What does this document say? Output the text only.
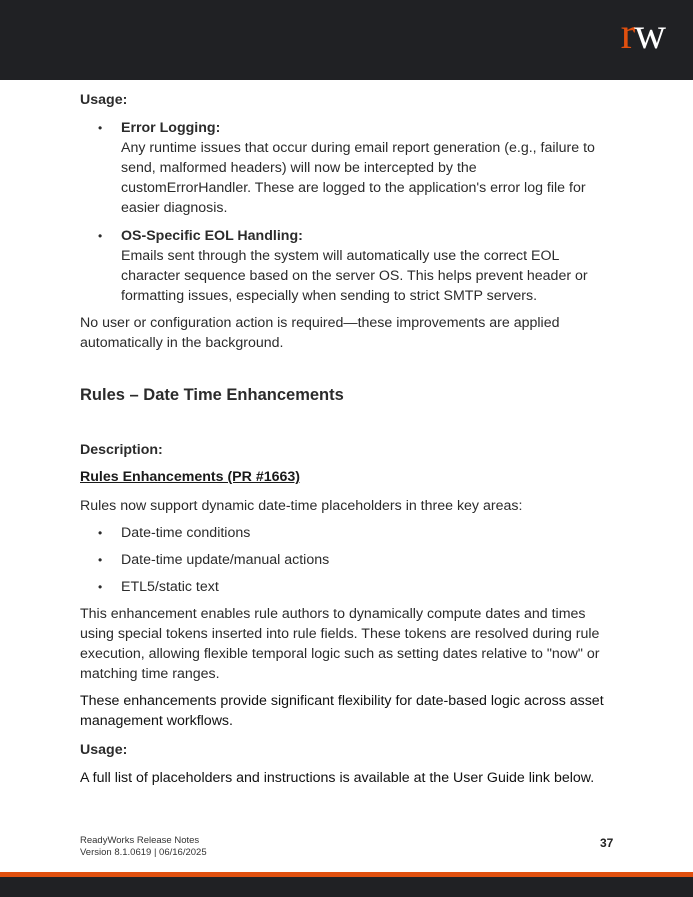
rw
Usage:
• Error Logging:
Any runtime issues that occur during email report generation (e.g., failure to
send, malformed headers) will now be intercepted by the
customErrorHandler. These are logged to the application's error log file for
easier diagnosis.
• OS-Specific EOL Handling:
Emails sent through the system will automatically use the correct EOL
character sequence based on the server OS. This helps prevent header or
formatting issues, especially when sending to strict SMTP servers.
No user or configuration action is required—these improvements are applied
automatically in the background.
Rules – Date Time Enhancements
Description:
Rules Enhancements (PR #1663)
Rules now support dynamic date-time placeholders in three key areas:
• Date-time conditions
• Date-time update/manual actions
• ETL5/static text
This enhancement enables rule authors to dynamically compute dates and times
using special tokens inserted into rule fields. These tokens are resolved during rule
execution, allowing flexible temporal logic such as setting dates relative to "now" or
matching time ranges.
These enhancements provide significant flexibility for date-based logic across asset
management workflows.
Usage:
A full list of placeholders and instructions is available at the User Guide link below.
ReadyWorks Release Notes
Version 8.1.0619 | 06/16/2025
37
